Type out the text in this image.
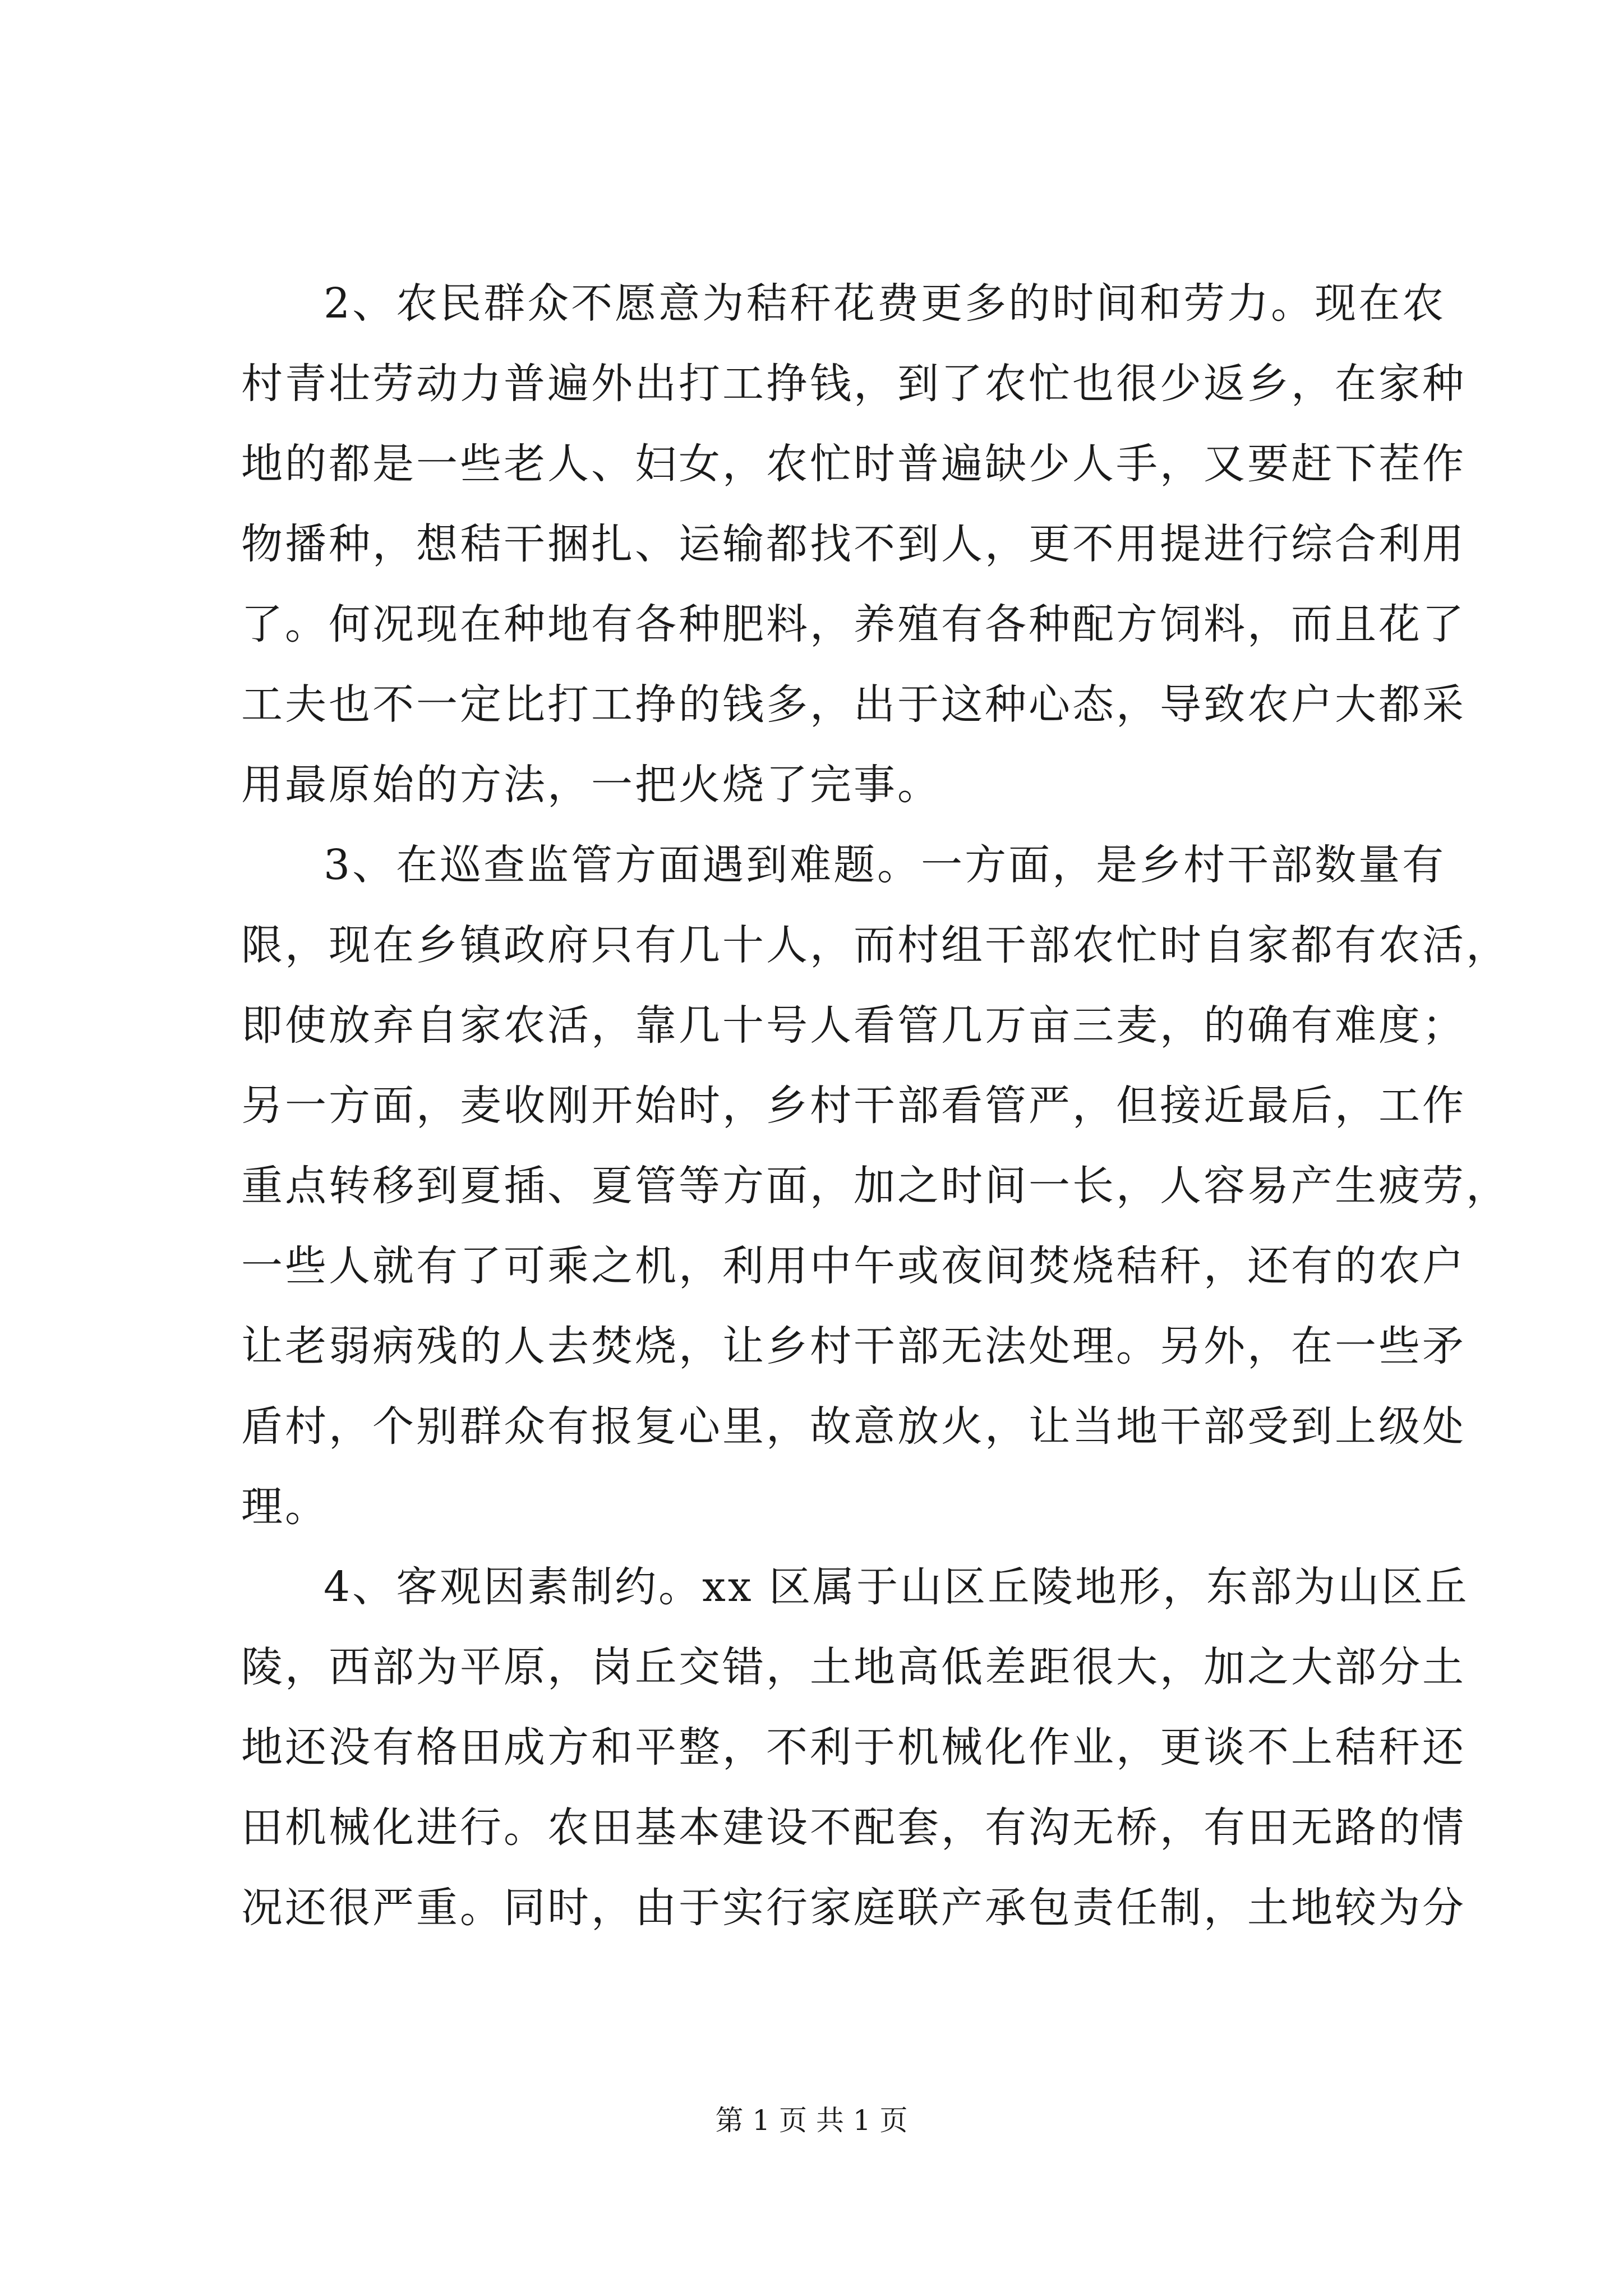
2、农民群众不愿意为秸秆花费更多的时间和劳力。现在农
村青壮劳动力普遍外出打工挣钱，到了农忙也很少返乡，在家种
地的都是一些老人、妇女，农忙时普遍缺少人手，又要赶下茬作
物播种，想秸干捆扎、运输都找不到人，更不用提进行综合利用
了。何况现在种地有各种肥料，养殖有各种配方饲料，而且花了
工夫也不一定比打工挣的钱多，出于这种心态，导致农户大都采
用最原始的方法，一把火烧了完事。
3、在巡查监管方面遇到难题。一方面，是乡村干部数量有
限，现在乡镇政府只有几十人，而村组干部农忙时自家都有农活，
即使放弃自家农活，靠几十号人看管几万亩三麦，的确有难度；
另一方面，麦收刚开始时，乡村干部看管严，但接近最后，工作
重点转移到夏插、夏管等方面，加之时间一长，人容易产生疲劳，
一些人就有了可乘之机，利用中午或夜间焚烧秸秆，还有的农户
让老弱病残的人去焚烧，让乡村干部无法处理。另外，在一些矛
盾村，个别群众有报复心里，故意放火，让当地干部受到上级处
理。
4、客观因素制约。xx 区属于山区丘陵地形，东部为山区丘
陵，西部为平原，岗丘交错，土地高低差距很大，加之大部分土
地还没有格田成方和平整，不利于机械化作业，更谈不上秸秆还
田机械化进行。农田基本建设不配套，有沟无桥，有田无路的情
况还很严重。同时，由于实行家庭联产承包责任制，土地较为分
第 1 页 共 1 页
